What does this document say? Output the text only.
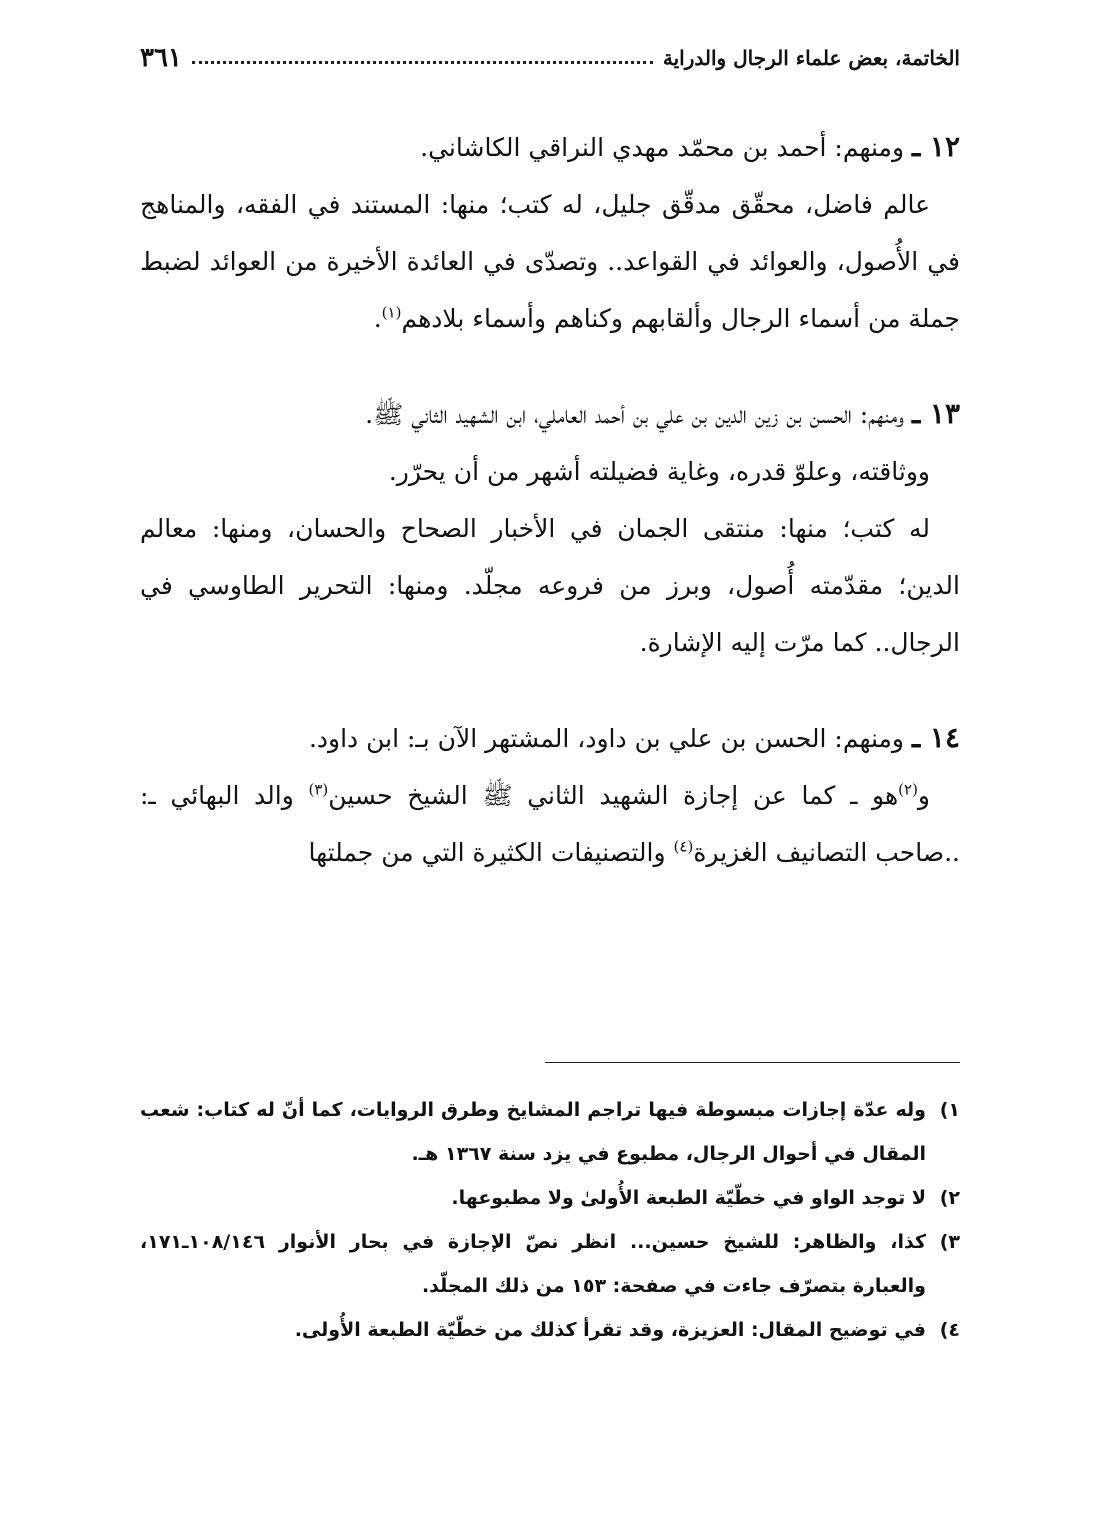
الخاتمة، بعض علماء الرجال والدراية
٣٦١

١٢ ـ ومنهم: أحمد بن محمّد مهدي النراقي الكاشاني.

عالم فاضل، محقّق مدقّق جليل، له كتب؛ منها: المستند في الفقه، والمناهج في الأُصول، والعوائد في القواعد.. وتصدّى في العائدة الأخيرة من العوائد لضبط جملة من أسماء الرجال وألقابهم وكناهم وأسماء بلادهم$^{(١)}$.

١٣ ـ ومنهم: الحسن بن زين الدين بن علي بن أحمد العاملي، ابن الشهيد الثاني ﷺ.

ووثاقته، وعلوّ قدره، وغاية فضيلته أشهر من أن يحرّر.

له كتب؛ منها: منتقى الجمان في الأخبار الصحاح والحسان، ومنها: معالم الدين؛ مقدّمته أُصول، وبرز من فروعه مجلّد. ومنها: التحرير الطاوسي في الرجال.. كما مرّت إليه الإشارة.

١٤ ـ ومنهم: الحسن بن علي بن داود، المشتهر الآن بـ: ابن داود.

و$^{(٢)}$هو ـ كما عن إجازة الشهيد الثاني ﷺ الشيخ حسين$^{(٣)}$ والد البهائي ـ: ..صاحب التصانيف الغزيرة$^{(٤)}$ والتصنيفات الكثيرة التي من جملتها

١)
وله عدّة إجازات مبسوطة فيها تراجم المشايخ وطرق الروايات، كما أنّ له كتاب: شعب المقال في أحوال الرجال، مطبوع في يزد سنة ١٣٦٧ هـ.

٢)
لا توجد الواو في خطّيّة الطبعة الأُولىٰ ولا مطبوعها.

٣)
كذا، والظاهر: للشيخ حسين... انظر نصّ الإجازة في بحار الأنوار ١٠٨/١٤٦ـ١٧١، والعبارة بتصرّف جاءت في صفحة: ١٥٣ من ذلك المجلّد.

٤)
في توضيح المقال: العزيزة، وقد تقرأ كذلك من خطّيّة الطبعة الأُولى.
